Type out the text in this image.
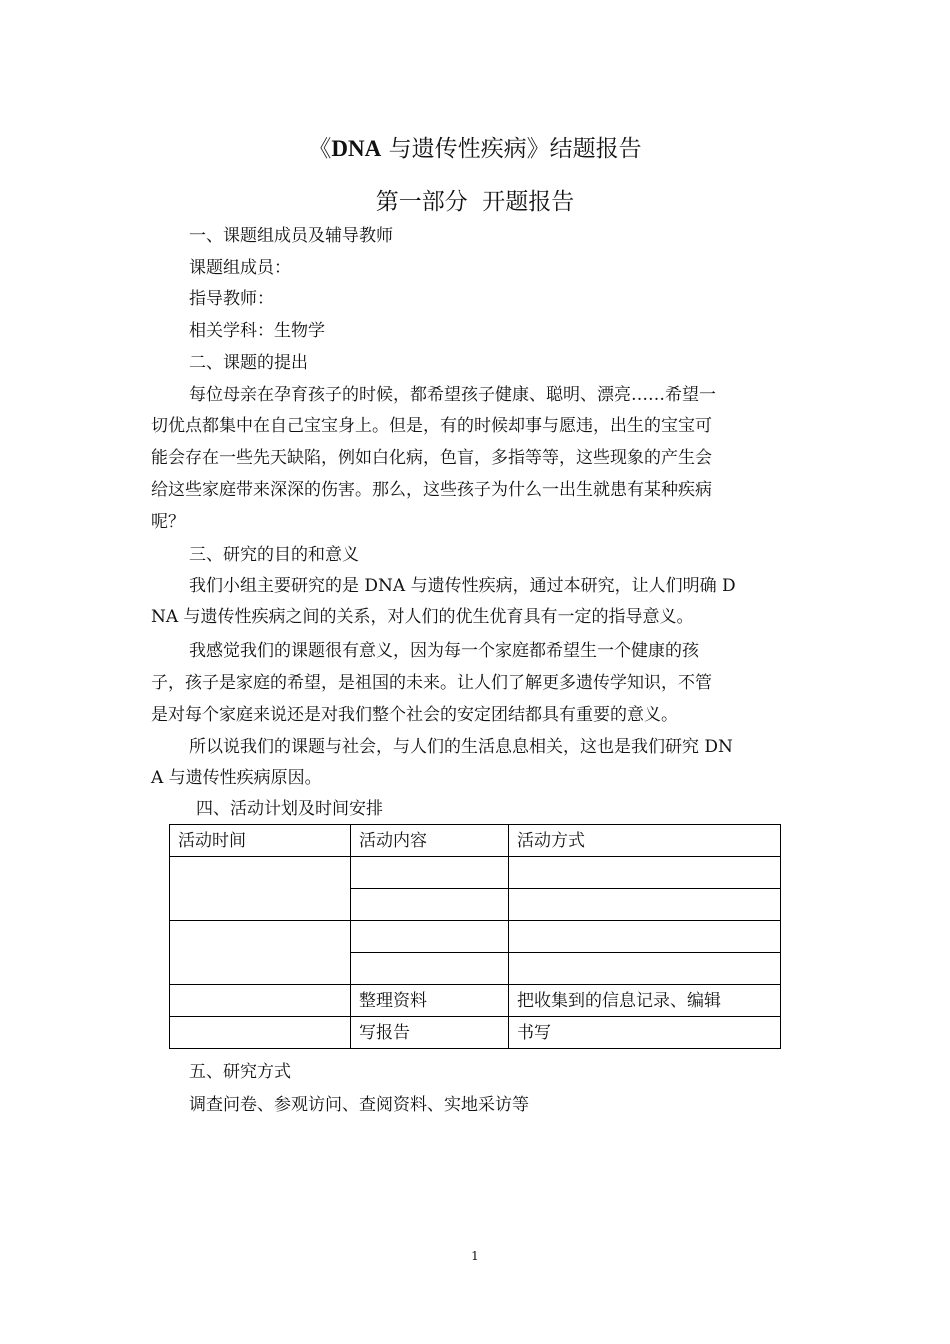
《DNA 与遗传性疾病》结题报告
第一部分  开题报告
一、课题组成员及辅导教师
课题组成员：
指导教师：
相关学科：生物学
二、课题的提出
每位母亲在孕育孩子的时候，都希望孩子健康、聪明、漂亮……希望一
切优点都集中在自己宝宝身上。但是，有的时候却事与愿违，出生的宝宝可
能会存在一些先天缺陷，例如白化病，色盲，多指等等，这些现象的产生会
给这些家庭带来深深的伤害。那么，这些孩子为什么一出生就患有某种疾病
呢？
三、研究的目的和意义
我们小组主要研究的是 DNA 与遗传性疾病，通过本研究，让人们明确 D
NA 与遗传性疾病之间的关系，对人们的优生优育具有一定的指导意义。
我感觉我们的课题很有意义，因为每一个家庭都希望生一个健康的孩
子，孩子是家庭的希望，是祖国的未来。让人们了解更多遗传学知识，不管
是对每个家庭来说还是对我们整个社会的安定团结都具有重要的意义。
所以说我们的课题与社会，与人们的生活息息相关，这也是我们研究 DN
A 与遗传性疾病原因。
四、活动计划及时间安排
活动时间	活动内容	活动方式

	整理资料	把收集到的信息记录、编辑
	写报告	书写
五、研究方式
调查问卷、参观访问、查阅资料、实地采访等
1
